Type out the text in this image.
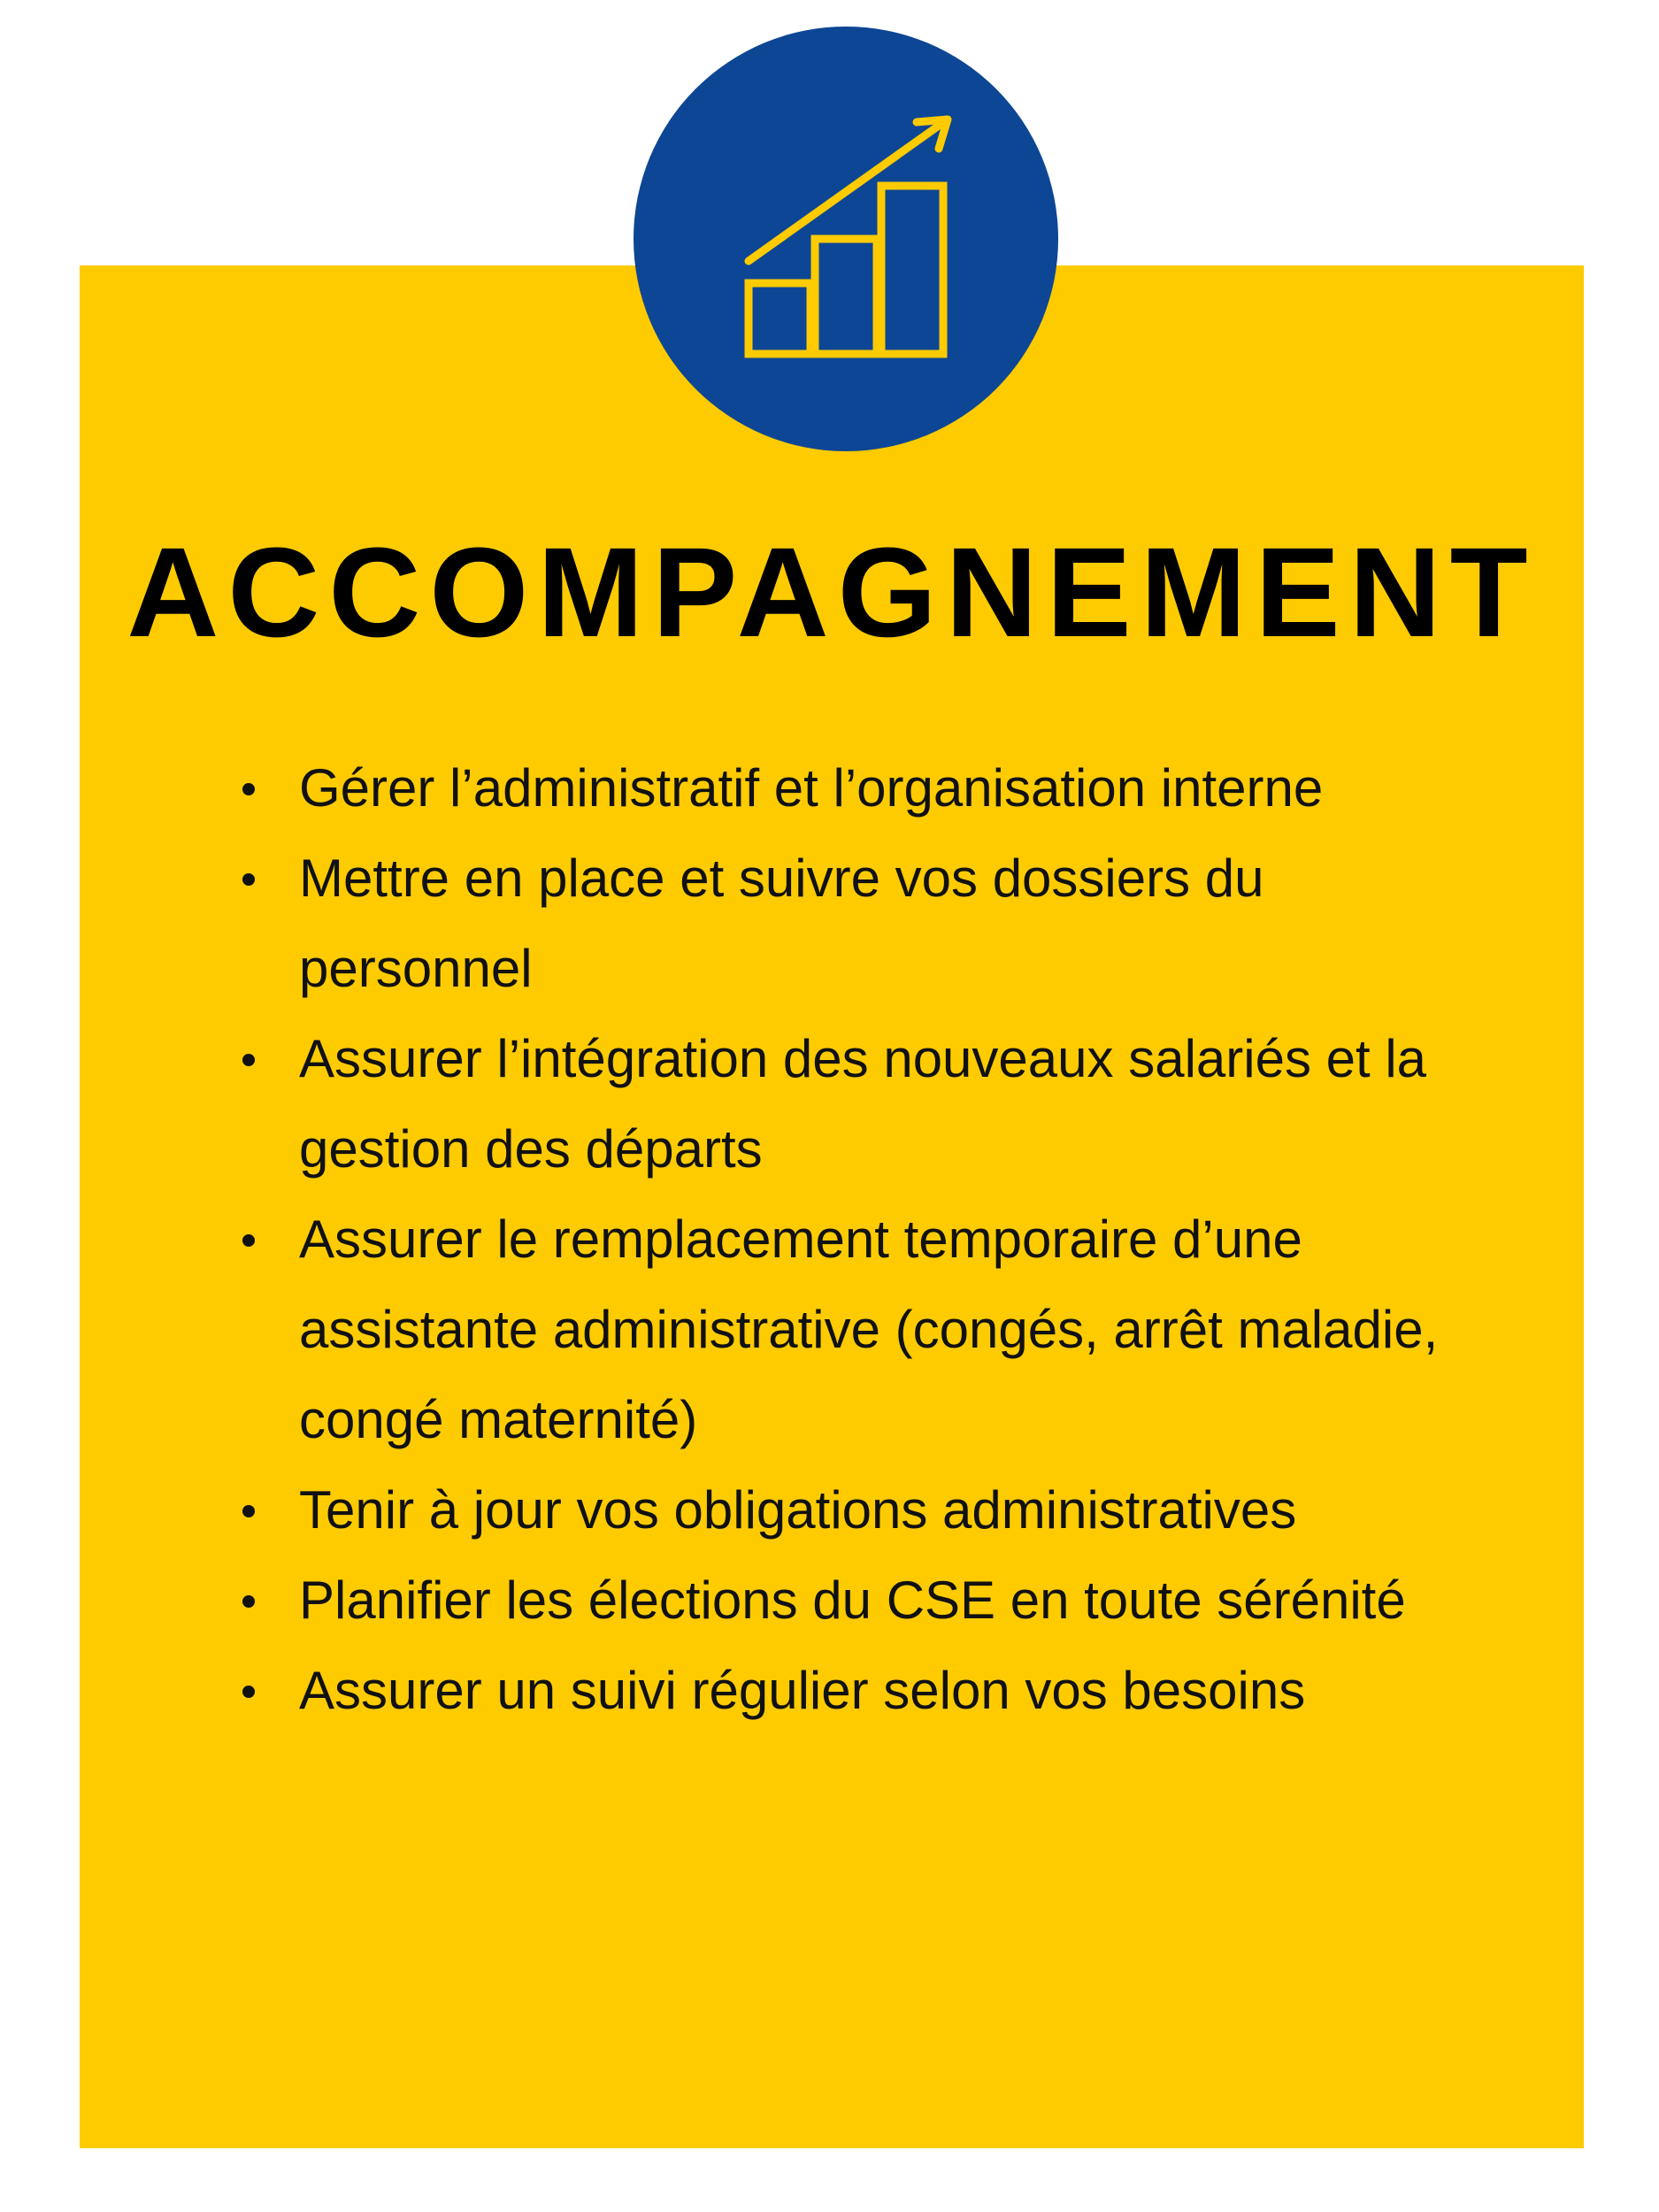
ACCOMPAGNEMENT
Gérer l’administratif et l’organisation interne
Mettre en place et suivre vos dossiers du personnel
Assurer l’intégration des nouveaux salariés et la gestion des départs
Assurer le remplacement temporaire d’une assistante administrative (congés, arrêt maladie, congé maternité)
Tenir à jour vos obligations administratives
Planifier les élections du CSE en toute sérénité
Assurer un suivi régulier selon vos besoins
